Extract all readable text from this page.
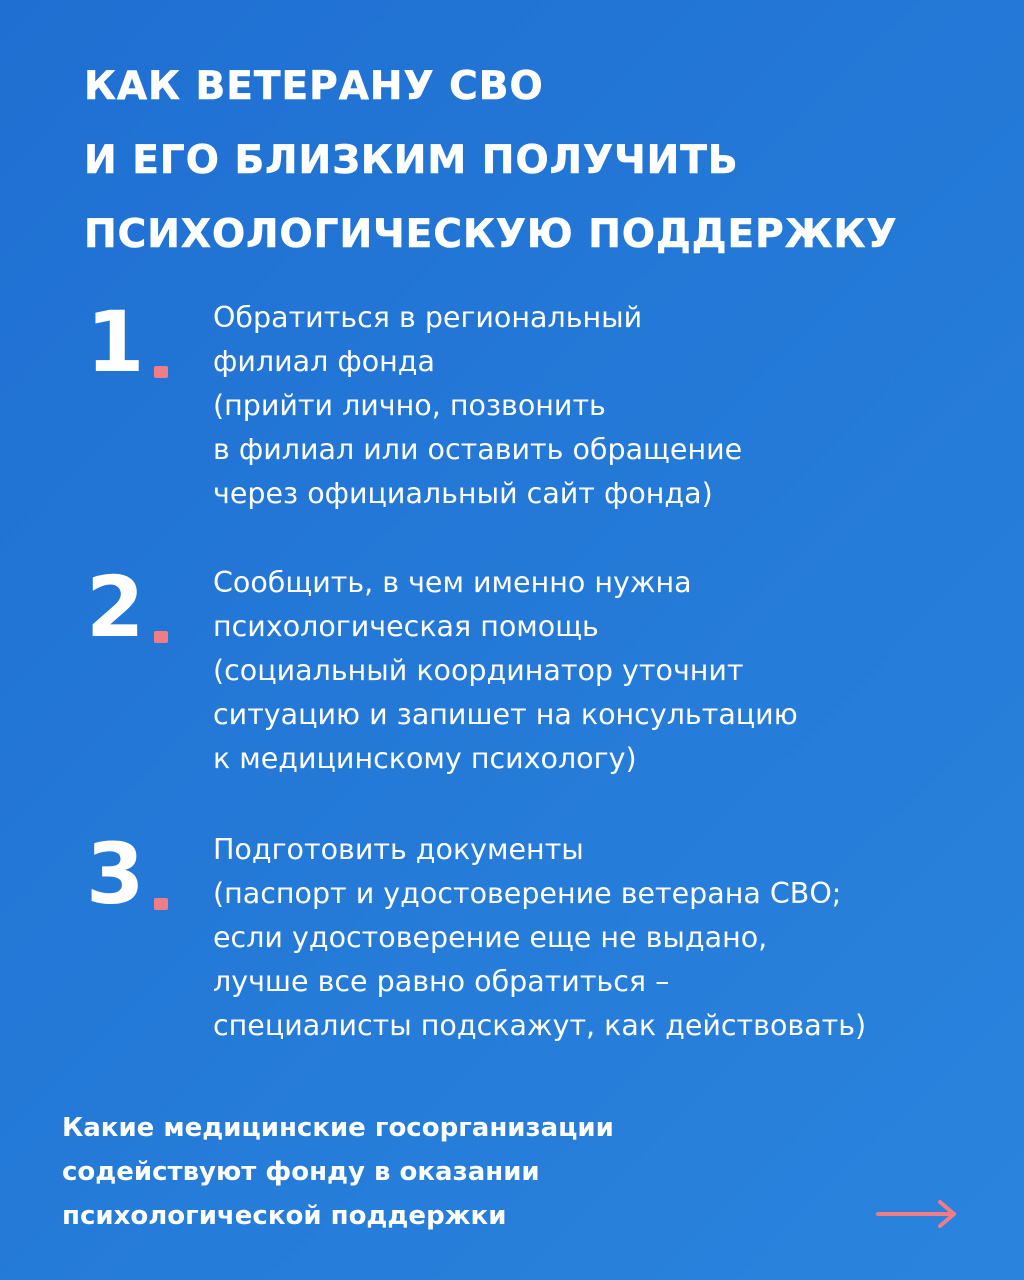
КАК ВЕТЕРАНУ СВО
И ЕГО БЛИЗКИМ ПОЛУЧИТЬ
ПСИХОЛОГИЧЕСКУЮ ПОДДЕРЖКУ
1 Обратиться в региональный
филиал фонда
(прийти лично, позвонить
в филиал или оставить обращение
через официальный сайт фонда)
2 Сообщить, в чем именно нужна
психологическая помощь
(социальный координатор уточнит
ситуацию и запишет на консультацию
к медицинскому психологу)
3 Подготовить документы
(паспорт и удостоверение ветерана СВО;
если удостоверение еще не выдано,
лучше все равно обратиться –
специалисты подскажут, как действовать)
Какие медицинские госорганизации
содействуют фонду в оказании
психологической поддержки
